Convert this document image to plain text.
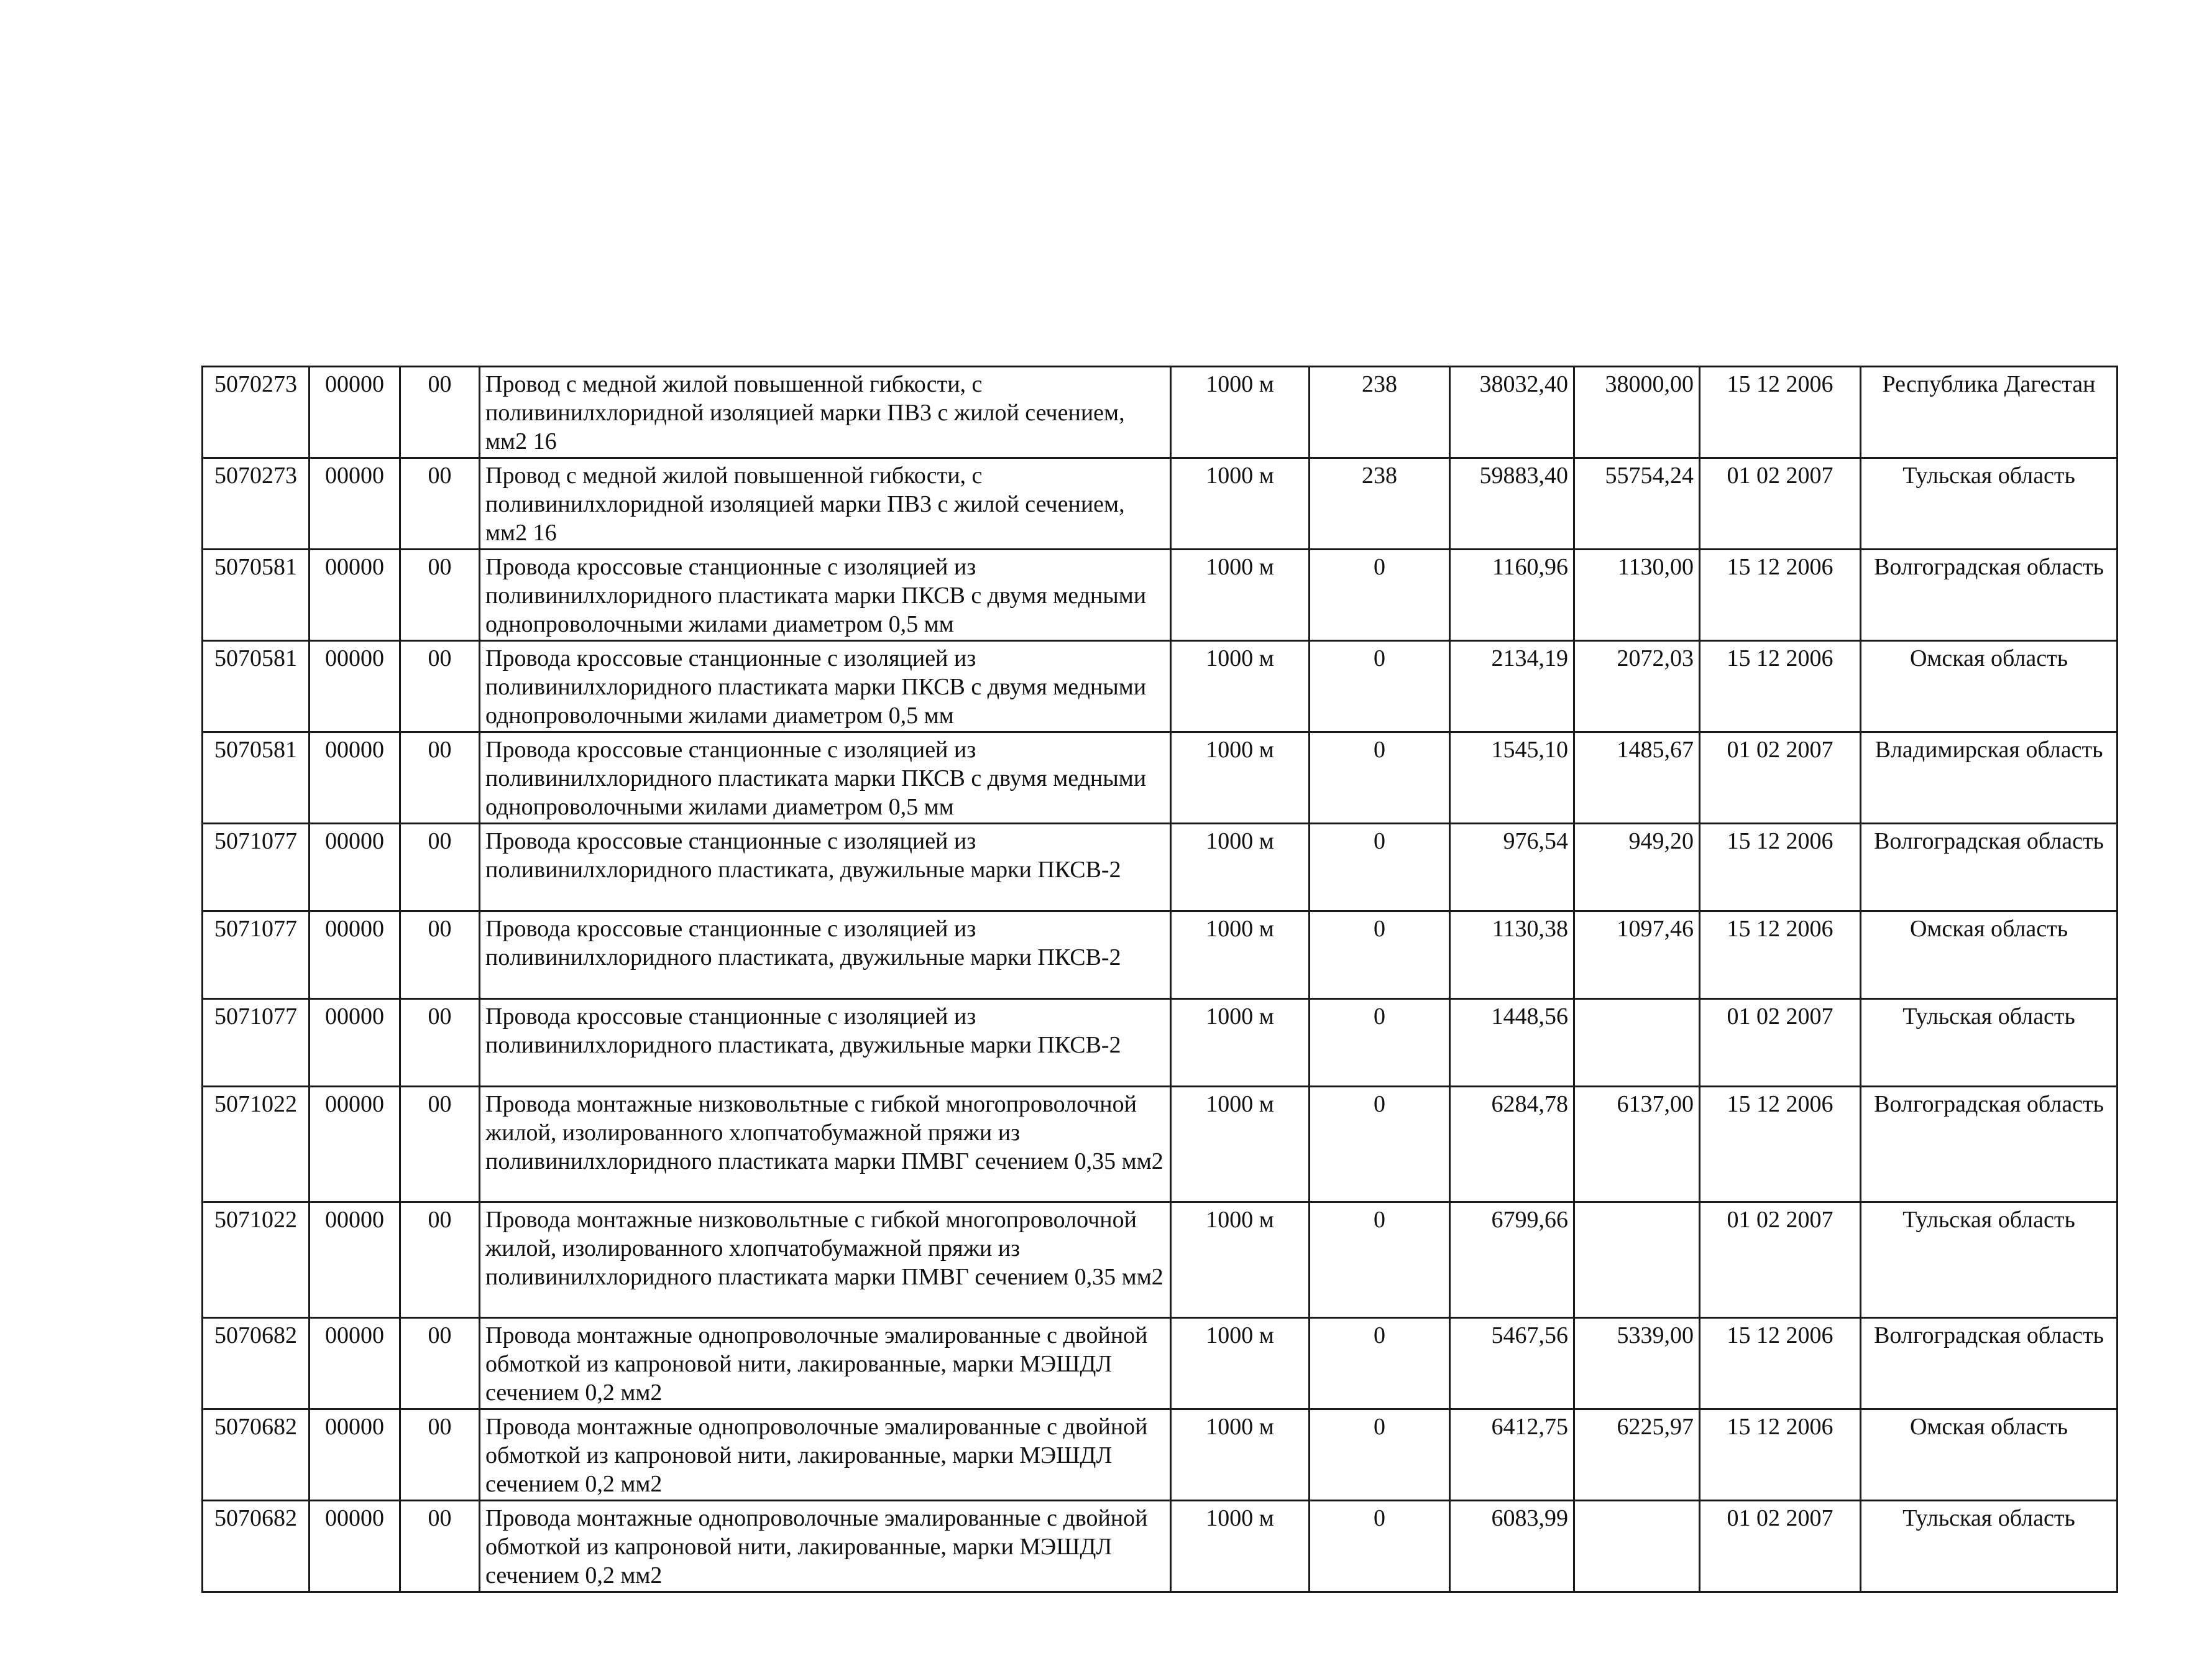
5070273	00000	00	Провод с медной жилой повышенной гибкости, с поливинилхлоридной изоляцией марки ПВ3 с жилой сечением, мм2 16	1000 м	238	38032,40	38000,00	15 12 2006	Республика Дагестан
5070273	00000	00	Провод с медной жилой повышенной гибкости, с поливинилхлоридной изоляцией марки ПВ3 с жилой сечением, мм2 16	1000 м	238	59883,40	55754,24	01 02 2007	Тульская область
5070581	00000	00	Провода кроссовые станционные с изоляцией из поливинилхлоридного пластиката марки ПКСВ с двумя медными однопроволочными жилами диаметром 0,5 мм	1000 м	0	1160,96	1130,00	15 12 2006	Волгоградская область
5070581	00000	00	Провода кроссовые станционные с изоляцией из поливинилхлоридного пластиката марки ПКСВ с двумя медными однопроволочными жилами диаметром 0,5 мм	1000 м	0	2134,19	2072,03	15 12 2006	Омская область
5070581	00000	00	Провода кроссовые станционные с изоляцией из поливинилхлоридного пластиката марки ПКСВ с двумя медными однопроволочными жилами диаметром 0,5 мм	1000 м	0	1545,10	1485,67	01 02 2007	Владимирская область
5071077	00000	00	Провода кроссовые станционные с изоляцией из поливинилхлоридного пластиката, двужильные марки ПКСВ-2	1000 м	0	976,54	949,20	15 12 2006	Волгоградская область
5071077	00000	00	Провода кроссовые станционные с изоляцией из поливинилхлоридного пластиката, двужильные марки ПКСВ-2	1000 м	0	1130,38	1097,46	15 12 2006	Омская область
5071077	00000	00	Провода кроссовые станционные с изоляцией из поливинилхлоридного пластиката, двужильные марки ПКСВ-2	1000 м	0	1448,56		01 02 2007	Тульская область
5071022	00000	00	Провода монтажные низковольтные с гибкой многопроволочной жилой, изолированного хлопчатобумажной пряжи из поливинилхлоридного пластиката марки ПМВГ сечением 0,35 мм2	1000 м	0	6284,78	6137,00	15 12 2006	Волгоградская область
5071022	00000	00	Провода монтажные низковольтные с гибкой многопроволочной жилой, изолированного хлопчатобумажной пряжи из поливинилхлоридного пластиката марки ПМВГ сечением 0,35 мм2	1000 м	0	6799,66		01 02 2007	Тульская область
5070682	00000	00	Провода монтажные однопроволочные эмалированные с двойной обмоткой из капроновой нити, лакированные, марки МЭШДЛ сечением 0,2 мм2	1000 м	0	5467,56	5339,00	15 12 2006	Волгоградская область
5070682	00000	00	Провода монтажные однопроволочные эмалированные с двойной обмоткой из капроновой нити, лакированные, марки МЭШДЛ сечением 0,2 мм2	1000 м	0	6412,75	6225,97	15 12 2006	Омская область
5070682	00000	00	Провода монтажные однопроволочные эмалированные с двойной обмоткой из капроновой нити, лакированные, марки МЭШДЛ сечением 0,2 мм2	1000 м	0	6083,99		01 02 2007	Тульская область
